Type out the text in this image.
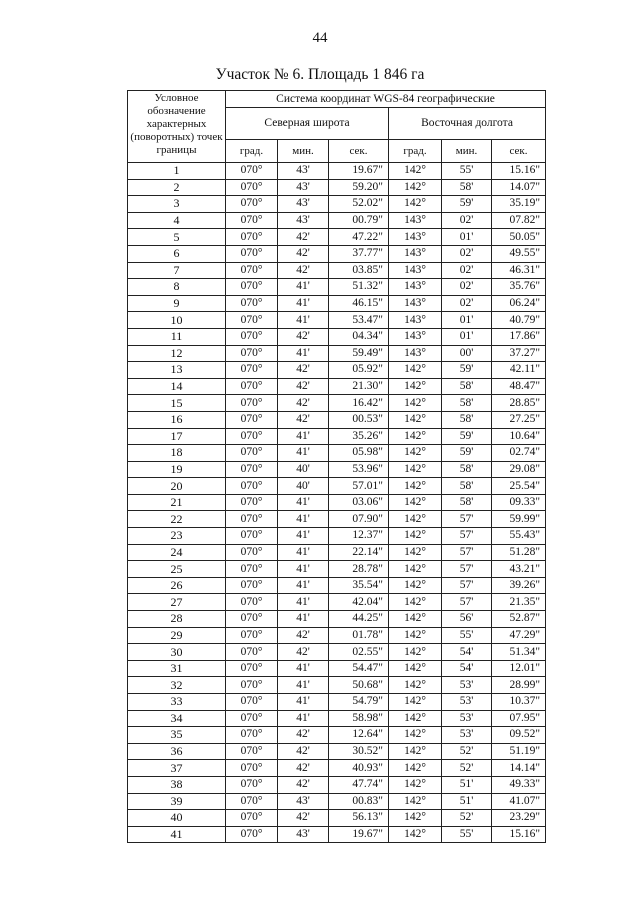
44
Участок № 6. Площадь 1 846 га
Условное обозначение характерных (поворотных) точек границы	Система координат WGS-84 географические					
	Северная широта			Восточная долгота		
	град.	мин.	сек.	град.	мин.	сек.
1	070°	43'	19.67"	142°	55'	15.16"
2	070°	43'	59.20"	142°	58'	14.07"
3	070°	43'	52.02"	142°	59'	35.19"
4	070°	43'	00.79"	143°	02'	07.82"
5	070°	42'	47.22"	143°	01'	50.05"
6	070°	42'	37.77"	143°	02'	49.55"
7	070°	42'	03.85"	143°	02'	46.31"
8	070°	41'	51.32"	143°	02'	35.76"
9	070°	41'	46.15"	143°	02'	06.24"
10	070°	41'	53.47"	143°	01'	40.79"
11	070°	42'	04.34"	143°	01'	17.86"
12	070°	41'	59.49"	143°	00'	37.27"
13	070°	42'	05.92"	142°	59'	42.11"
14	070°	42'	21.30"	142°	58'	48.47"
15	070°	42'	16.42"	142°	58'	28.85"
16	070°	42'	00.53"	142°	58'	27.25"
17	070°	41'	35.26"	142°	59'	10.64"
18	070°	41'	05.98"	142°	59'	02.74"
19	070°	40'	53.96"	142°	58'	29.08"
20	070°	40'	57.01"	142°	58'	25.54"
21	070°	41'	03.06"	142°	58'	09.33"
22	070°	41'	07.90"	142°	57'	59.99"
23	070°	41'	12.37"	142°	57'	55.43"
24	070°	41'	22.14"	142°	57'	51.28"
25	070°	41'	28.78"	142°	57'	43.21"
26	070°	41'	35.54"	142°	57'	39.26"
27	070°	41'	42.04"	142°	57'	21.35"
28	070°	41'	44.25"	142°	56'	52.87"
29	070°	42'	01.78"	142°	55'	47.29"
30	070°	42'	02.55"	142°	54'	51.34"
31	070°	41'	54.47"	142°	54'	12.01"
32	070°	41'	50.68"	142°	53'	28.99"
33	070°	41'	54.79"	142°	53'	10.37"
34	070°	41'	58.98"	142°	53'	07.95"
35	070°	42'	12.64"	142°	53'	09.52"
36	070°	42'	30.52"	142°	52'	51.19"
37	070°	42'	40.93"	142°	52'	14.14"
38	070°	42'	47.74"	142°	51'	49.33"
39	070°	43'	00.83"	142°	51'	41.07"
40	070°	42'	56.13"	142°	52'	23.29"
41	070°	43'	19.67"	142°	55'	15.16"
